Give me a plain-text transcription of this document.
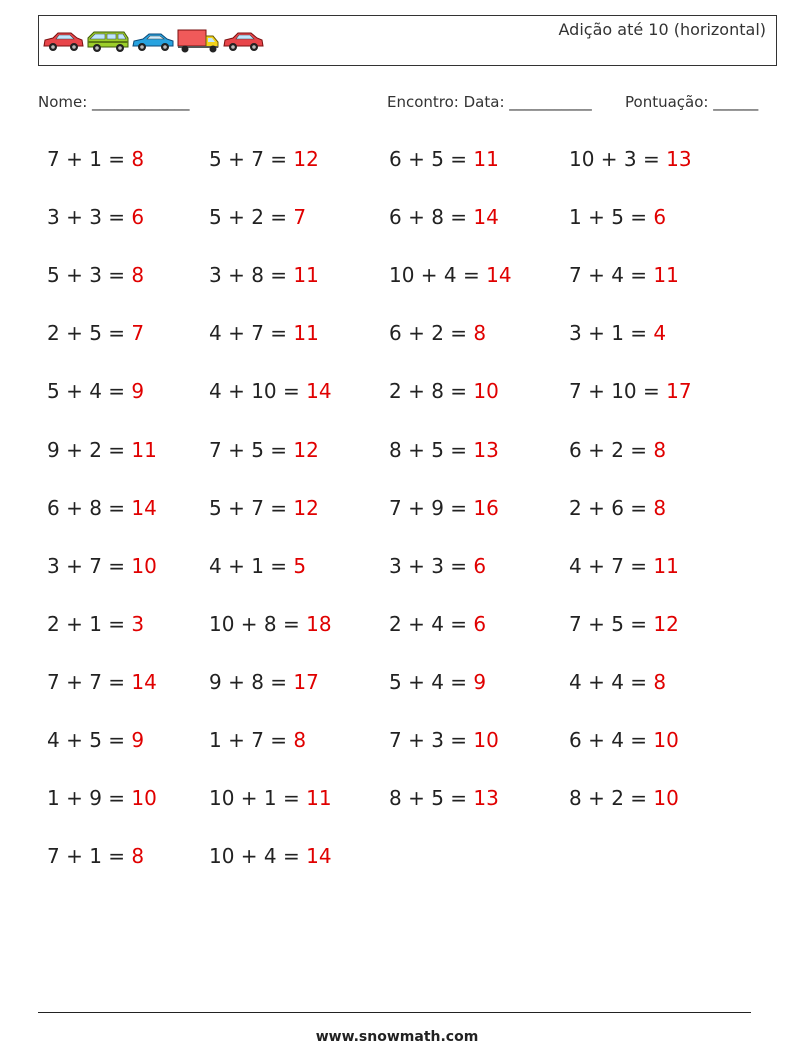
Adição até 10 (horizontal)
Nome: _____________	Encontro: Data: ___________ Pontuação: ______
7 + 1 = 8
3 + 3 = 6
5 + 3 = 8
2 + 5 = 7
5 + 4 = 9
9 + 2 = 11
6 + 8 = 14
3 + 7 = 10
2 + 1 = 3
7 + 7 = 14
4 + 5 = 9
1 + 9 = 10
7 + 1 = 8
5 + 7 = 12
5 + 2 = 7
3 + 8 = 11
4 + 7 = 11
4 + 10 = 14
7 + 5 = 12
5 + 7 = 12
4 + 1 = 5
10 + 8 = 18
9 + 8 = 17
1 + 7 = 8
10 + 1 = 11
10 + 4 = 14
6 + 5 = 11
6 + 8 = 14
10 + 4 = 14
6 + 2 = 8
2 + 8 = 10
8 + 5 = 13
7 + 9 = 16
3 + 3 = 6
2 + 4 = 6
5 + 4 = 9
7 + 3 = 10
8 + 5 = 13
10 + 3 = 13
1 + 5 = 6
7 + 4 = 11
3 + 1 = 4
7 + 10 = 17
6 + 2 = 8
2 + 6 = 8
4 + 7 = 11
7 + 5 = 12
4 + 4 = 8
6 + 4 = 10
8 + 2 = 10
www.snowmath.com
